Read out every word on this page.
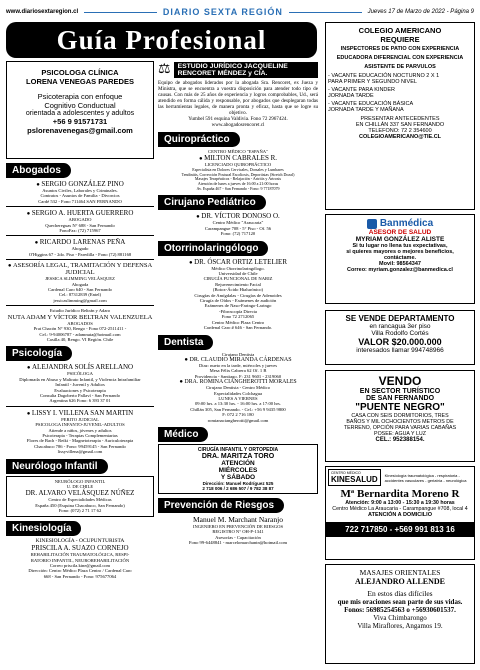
www.diariosextaregion.cl	DIARIO SEXTA REGIÓN	Jueves 17 de Marzo de 2022 - Página 9
Guía Profesional
PSICOLOGA CLÍNICA
LORENA VENEGAS PAREDES
Psicoterapia con enfoque
Cognitivo Conductual
orientada a adolescentes y adultos
+56 9 91571731
pslorenavenegas@gmail.com
Abogados
● SERGIO GONZÁLEZ PINO
Asuntos Civiles, Laborales y Criminales.
Contratos - Asuntos de Familia - Divorcios
Cardé 532 - Fono 711464 SAN FERNANDO
● SERGIO A. HUERTA GUERRERO
ABOGADO
Quechereguas N° 688 - San Fernando
FonoFax: (72) 715967
● RICARDO LARENAS PEÑA
Abogado
O'Higgins 67 - 2do. Piso - Paredilla - Fono (72) 881168
● ASESORÍA LEGAL, TRAMITACIÓN Y DEFENSA JUDICIAL
JESSICA SLIMMING VELÁSQUEZ
Abogada
Cardenal Caro 640 - San Fernando
Cel.: 87312839 (Entel)
jessicaslimming@gmail.com
Estudio Jurídico Beltrán y Adaro
NUTA ADAM Y VÍCTOR BELTRAN VALENZUELA
ABOGADOS
Prat Chacón N° 930, Rengo - Fono 072-2511411 -
Cel.: 9-94006787 - adamnuta@hotmail.com
Casilla 40, Rengo. VI Región. Chile
Psicología
● ALEJANDRA SOLÍS ARELLANO
PSICÓLOGA
Diplomada en Abuso y Maltrato Infantil, y Violencia Intrafamiliar
Infantil - Juvenil y Adultos
Evaluaciones y Psicoterapia
Consulta Dagoberto Pallaví - San Fernando
Argentina 626 Fono: 6 393 37 01
● LISSY I. VILLENA SAN MARTIN
PERITO JUDICIAL
PSICOLOGA INFANTO-JUVENIL-ADULTOS
Atiende a niños, jóvenes y adultos
Psicoterapia - Terapias Complementarias
Flores de Bach - Reiki - Magnetoterapia - Auriculoterapia
Chacabuco 786 - Fono: 99459145 - San Fernando
lissyvillena@gmail.com
Neurólogo Infantil
NEURÓLOGO INFANTIL
U. DE CHILE
DR. ALVARO VELÁSQUEZ NÚÑEZ
Centro de Especialidades Médicas
España 450 (Esquina Chacabuco, San Fernando)
Fono: (072) 2 71 17 62
Kinesiología
KINESIOLOGÍA - OCUPUNTURISTA
PRISCILA A. SUAZO CORNEJO
REHABILITACIÓN TRAUMATOLÓGICA, RESPI-
RATORIO INFANTIL, NEUROREHABILITACIÓN
Correo priscila.kine@gmail.com
Dirección: Centro Médico Plaza Centro / Cardenal Caro
668 - San Fernando - Fono: 975677064
⚖ ESTUDIO JURÍDICO JACQUELINE
RENCORET MÉNDEZ y CÍA.
Equipo de abogados liderados por la abogada Sra. Rencoret, ex Jueza y Ministra, que se encuentra a vuestra disposición para atender todo tipo de causas. Con más de 25 años de experiencia y logros comprobables, Ud., será atendido en forma cálida y responsable, por abogados que desplegaran todas las herramientas legales, de manera pronta y eficaz, hasta que se logre su objetivo.
Yumbel 591 esquina Valdivia. Fono 72 2967424.
www.abogadosrencoret.cl
Quiropráctico
CENTRO MÉDICO "ESPAÑA"
● MILTON CABRALES R.
LICENCIADO QUIROPRÁCTICO
Especialista en Dolores Cervicales, Dorsales y Lumbares
Tendinitis, Corrección Postural Escoliosis, Deportistas (Stretch Dozal)
Masajes Terapéuticos - Relajación - Artritis y Artrosis
Atención de lunes a jueves de 16:00 a 21:00 horas
Av. España 467 - San Fernando - Fono: 9 77187079
Cirujano Pediátrico
● DR. VÍCTOR DONOSO O.
Centro Médico "Araucaria"
Carampangue 708 - 5° Piso - Of. 56
Fono: (72) 717120
Otorrinolaringólogo
● DR. ÓSCAR ORTIZ LETELIER
Médico Otorrinolaringólogo.
Universidad de Chile
CIRUGÍA FUNCIONAL DE NARIZ
Rejuvenecimiento Facial
(Botox-Ácido Hialurónico)
Cirugías de Amígdalas - Cirugías de Adenoides
Cirugía de Oídos - Exámenes de audición
Exámenes de Naso-Faringo-Laringo
-Fibroscopía Directa
Fono 72 2712065
Centro Médico Plaza Centro
Cardenal Caro # 646 - San Fernando.
Dentista
Cirujano Dentista
● DR. CLAUDIO MIRANDA CÁRDENAS
Diaz: nueto en la tarde, miércoles y jueves
Mesa Félix Cabrera 62 Of. 1 B
Providencia - Santiago. F: 231 9601 - 2319060
● DRA. ROMINA CIANGHEROTTI MORALES
Cirujano Dentista - Centro Médico
Especialidades Colchagua
LUNES A VIERNES
09:00 hrs. a 13:30 hrs. - 16:00 hrs. a 17:00 hrs.
Chillán 305, San Fernando. - Cel.: +56 9 9435 9800
F: 072 2 716 180
romianaciangherotti@gmail.com
Médico
CIRUGÍA INFANTIL Y ORTOPEDIA
DRA. MARITZA TORO
ATENCIÓN
MIÉRCOLES
Y SÁBADO
Dirección: Manuel Rodríguez 525
2 718 006 / 2 686 507 / 9 782 38 87
Prevención de Riesgos
Manuel M. Marchant Naranjo
INGENIERO EN PREVENCIÓN DE RIESGOS
REGISTRO N° OH-P-1341
Asesorías - Capacitación
Fono 99-6448841 - marcelomarchantn@hotmail.com
COLEGIO AMERICANO
REQUIERE
INSPECTORES DE PATIO CON EXPERIENCIA
EDUCADORA DIFERENCIAL CON EXPERIENCIA
ASISTENTE DE PARVULOS
- VACANTE EDUCACIÓN NOCTURNO 2 X 1
PARA PRIMER Y SEGUNDO NIVEL
- VACANTE PARA KINDER
JORNADA TARDE
- VACANTE EDUCACIÓN BÁSICA
JORNADA TARDE Y MAÑANA
PRESENTAR ANTECEDENTES
EN CHILLÁN 337 SAN FERNANDO
TELEFONO: 72 2 354600
COLEGIOAMERICANO@TIE.CL
Banmédica
ASESOR DE SALUD
MYRIAM GONZÁLEZ ALISTE
Si tu lugar no llena tus expectativas,
si quieres mayores o mejores beneficios,
contáctame.
Movil: 98564347
Correo: myriam.gonzalez@banmedica.cl
SE VENDE DEPARTAMENTO
en rancagua 3er piso
Villa Rodolfo Cortés
VALOR $20.000.000
interesados llamar 994748966
VENDO
EN SECTOR TURÍSTICO
DE SAN FERNANDO
"PUENTE NEGRO"
CASA CON SEIS DORMITORIOS, TRES
BAÑOS Y MIL OCHOCIENTOS METROS DE
TERRENO, OPCIÓN PARA VARIAS CABAÑAS
POSEE: AGUA Y LUZ
CEL.: 952388154.
CENTRO MÉDICO
KINESALUD Kinesiología traumatológica - respiratoria -
accidentes vasculares - geriatría - neurológica
Mª Bernardita Moreno R
Atención: 9:00 a 13:00 - 15:30 a 19:30 horas
Centro Médico La Araucaria - Carampangue #708, local 4
ATENCIÓN A DOMICILIO
722 717850 - +569 991 813 16
MASAJES ORIENTALES
ALEJANDRO ALLENDE
En estos días difíciles
que mis oraciones sean parte de sus vidas.
Fonos: 56985254563 o +56930601537.
Viva Chimbarongo
Villa Miraflores, Angamos 19.
